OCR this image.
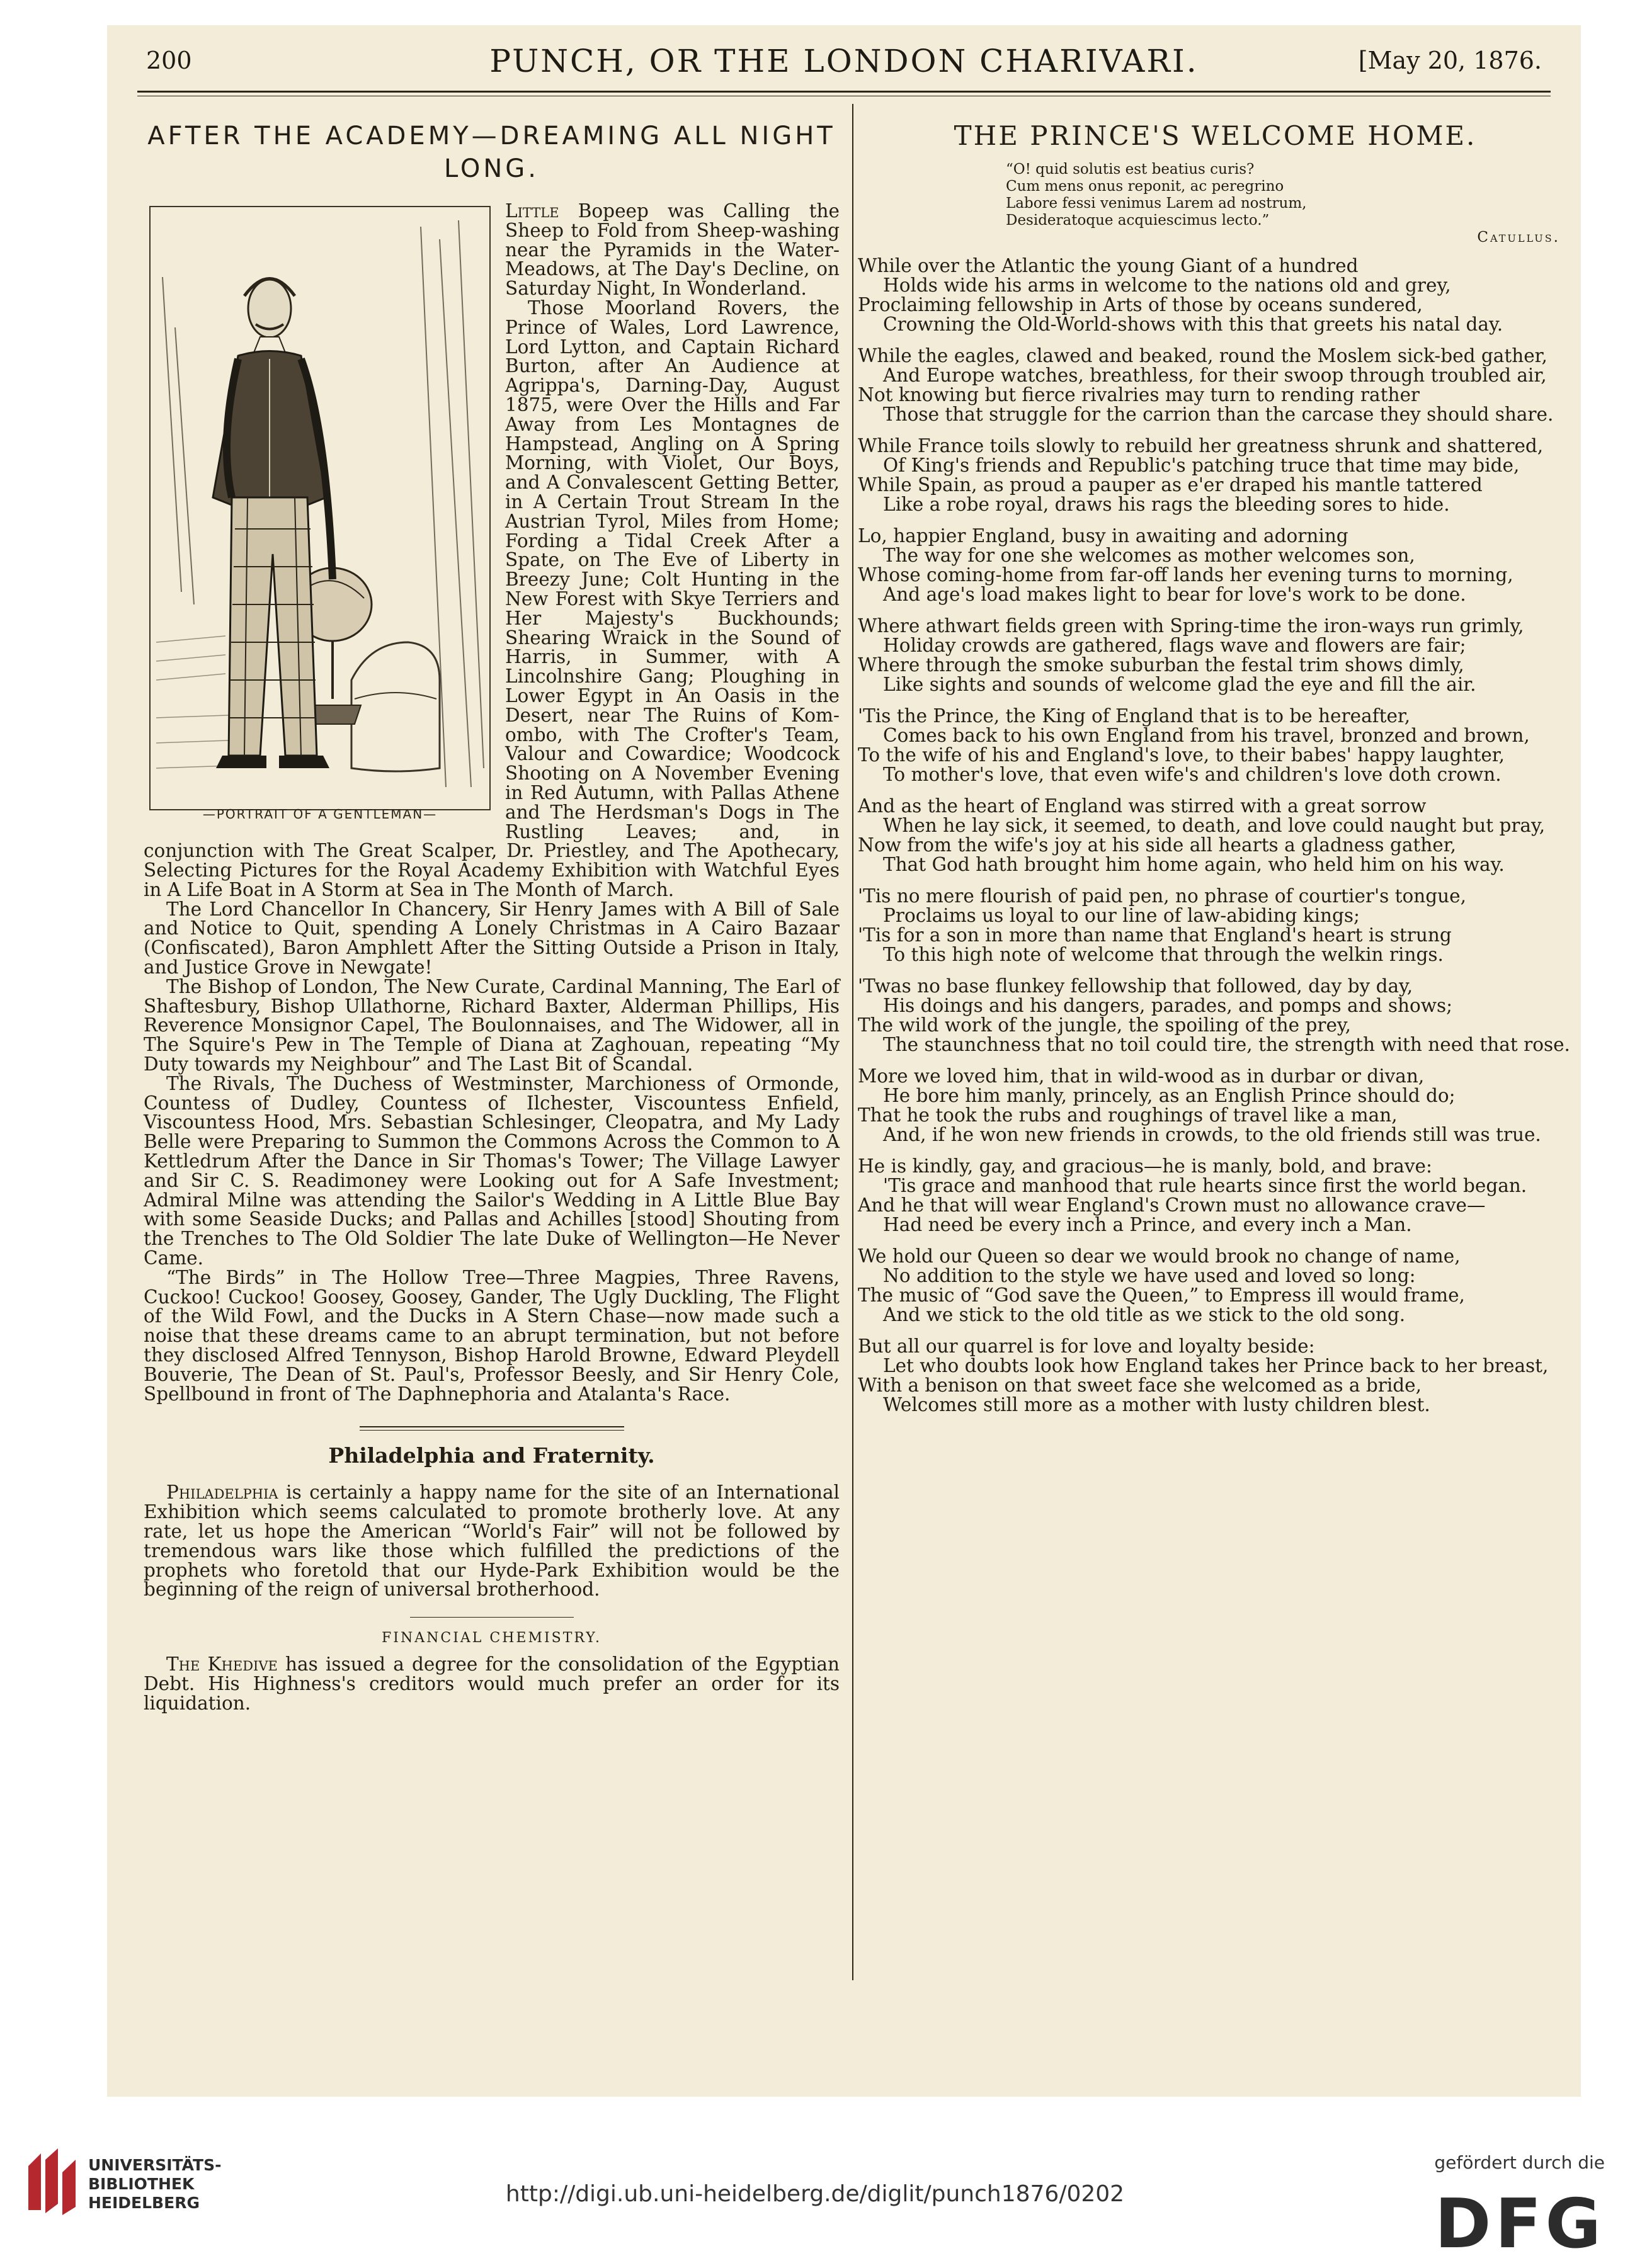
200	PUNCH, OR THE LONDON CHARIVARI.	[May 20, 1876.
AFTER THE ACADEMY—DREAMING ALL NIGHT LONG.
—PORTRAIT OF A GENTLEMAN—

Little Bopeep was Calling the Sheep to Fold from Sheep-washing near the Pyramids in the Water-Meadows, at The Day's Decline, on Saturday Night, In Wonderland.

Those Moorland Rovers, the Prince of Wales, Lord Lawrence, Lord Lytton, and Captain Richard Burton, after An Audience at Agrippa's, Darning-Day, August 1875, were Over the Hills and Far Away from Les Montagnes de Hampstead, Angling on A Spring Morning, with Violet, Our Boys, and A Convalescent Getting Better, in A Certain Trout Stream In the Austrian Tyrol, Miles from Home; Fording a Tidal Creek After a Spate, on The Eve of Liberty in Breezy June; Colt Hunting in the New Forest with Skye Terriers and Her Majesty's Buckhounds; Shearing Wraick in the Sound of Harris, in Summer, with A Lincolnshire Gang; Ploughing in Lower Egypt in An Oasis in the Desert, near The Ruins of Kom-ombo, with The Crofter's Team, Valour and Cowardice; Woodcock Shooting on A November Evening in Red Autumn, with Pallas Athene and The Herdsman's Dogs in The Rustling Leaves; and, in conjunction with The Great Scalper, Dr. Priestley, and The Apothecary, Selecting Pictures for the Royal Academy Exhibition with Watchful Eyes in A Life Boat in A Storm at Sea in The Month of March.

The Lord Chancellor In Chancery, Sir Henry James with A Bill of Sale and Notice to Quit, spending A Lonely Christmas in A Cairo Bazaar (Confiscated), Baron Amphlett After the Sitting Outside a Prison in Italy, and Justice Grove in Newgate!

The Bishop of London, The New Curate, Cardinal Manning, The Earl of Shaftesbury, Bishop Ullathorne, Richard Baxter, Alderman Phillips, His Reverence Monsignor Capel, The Boulonnaises, and The Widower, all in The Squire's Pew in The Temple of Diana at Zaghouan, repeating “My Duty towards my Neighbour” and The Last Bit of Scandal.

The Rivals, The Duchess of Westminster, Marchioness of Ormonde, Countess of Dudley, Countess of Ilchester, Viscountess Enfield, Viscountess Hood, Mrs. Sebastian Schlesinger, Cleopatra, and My Lady Belle were Preparing to Summon the Commons Across the Common to A Kettledrum After the Dance in Sir Thomas's Tower; The Village Lawyer and Sir C. S. Readimoney were Looking out for A Safe Investment; Admiral Milne was attending the Sailor's Wedding in A Little Blue Bay with some Seaside Ducks; and Pallas and Achilles [stood] Shouting from the Trenches to The Old Soldier The late Duke of Wellington—He Never Came.

“The Birds” in The Hollow Tree—Three Magpies, Three Ravens, Cuckoo! Cuckoo! Goosey, Goosey, Gander, The Ugly Duckling, The Flight of the Wild Fowl, and the Ducks in A Stern Chase—now made such a noise that these dreams came to an abrupt termination, but not before they disclosed Alfred Tennyson, Bishop Harold Browne, Edward Pleydell Bouverie, The Dean of St. Paul's, Professor Beesly, and Sir Henry Cole, Spellbound in front of The Daphnephoria and Atalanta's Race.

Philadelphia and Fraternity.

Philadelphia is certainly a happy name for the site of an International Exhibition which seems calculated to promote brotherly love. At any rate, let us hope the American “World's Fair” will not be followed by tremendous wars like those which fulfilled the predictions of the prophets who foretold that our Hyde-Park Exhibition would be the beginning of the reign of universal brotherhood.

FINANCIAL CHEMISTRY.

The Khedive has issued a degree for the consolidation of the Egyptian Debt. His Highness's creditors would much prefer an order for its liquidation.

THE PRINCE'S WELCOME HOME.
“O! quid solutis est beatius curis?
Cum mens onus reponit, ac peregrino
Labore fessi venimus Larem ad nostrum,
Desideratoque acquiescimus lecto.”
Catullus.
While over the Atlantic the young Giant of a hundred
Holds wide his arms in welcome to the nations old and grey,
Proclaiming fellowship in Arts of those by oceans sundered,
Crowning the Old-World-shows with this that greets his natal day.
While the eagles, clawed and beaked, round the Moslem sick-bed gather,
And Europe watches, breathless, for their swoop through troubled air,
Not knowing but fierce rivalries may turn to rending rather
Those that struggle for the carrion than the carcase they should share.
While France toils slowly to rebuild her greatness shrunk and shattered,
Of King's friends and Republic's patching truce that time may bide,
While Spain, as proud a pauper as e'er draped his mantle tattered
Like a robe royal, draws his rags the bleeding sores to hide.
Lo, happier England, busy in awaiting and adorning
The way for one she welcomes as mother welcomes son,
Whose coming-home from far-off lands her evening turns to morning,
And age's load makes light to bear for love's work to be done.
Where athwart fields green with Spring-time the iron-ways run grimly,
Holiday crowds are gathered, flags wave and flowers are fair;
Where through the smoke suburban the festal trim shows dimly,
Like sights and sounds of welcome glad the eye and fill the air.
'Tis the Prince, the King of England that is to be hereafter,
Comes back to his own England from his travel, bronzed and brown,
To the wife of his and England's love, to their babes' happy laughter,
To mother's love, that even wife's and children's love doth crown.
And as the heart of England was stirred with a great sorrow
When he lay sick, it seemed, to death, and love could naught but pray,
Now from the wife's joy at his side all hearts a gladness gather,
That God hath brought him home again, who held him on his way.
'Tis no mere flourish of paid pen, no phrase of courtier's tongue,
Proclaims us loyal to our line of law-abiding kings;
'Tis for a son in more than name that England's heart is strung
To this high note of welcome that through the welkin rings.
'Twas no base flunkey fellowship that followed, day by day,
His doings and his dangers, parades, and pomps and shows;
The wild work of the jungle, the spoiling of the prey,
The staunchness that no toil could tire, the strength with need that rose.
More we loved him, that in wild-wood as in durbar or divan,
He bore him manly, princely, as an English Prince should do;
That he took the rubs and roughings of travel like a man,
And, if he won new friends in crowds, to the old friends still was true.
He is kindly, gay, and gracious—he is manly, bold, and brave:
'Tis grace and manhood that rule hearts since first the world began.
And he that will wear England's Crown must no allowance crave—
Had need be every inch a Prince, and every inch a Man.
We hold our Queen so dear we would brook no change of name,
No addition to the style we have used and loved so long:
The music of “God save the Queen,” to Empress ill would frame,
And we stick to the old title as we stick to the old song.
But all our quarrel is for love and loyalty beside:
Let who doubts look how England takes her Prince back to her breast,
With a benison on that sweet face she welcomed as a bride,
Welcomes still more as a mother with lusty children blest.
UNIVERSITÄTS-
BIBLIOTHEK
HEIDELBERG	http://digi.ub.uni-heidelberg.de/diglit/punch1876/0202
gefördert durch die
DFG
